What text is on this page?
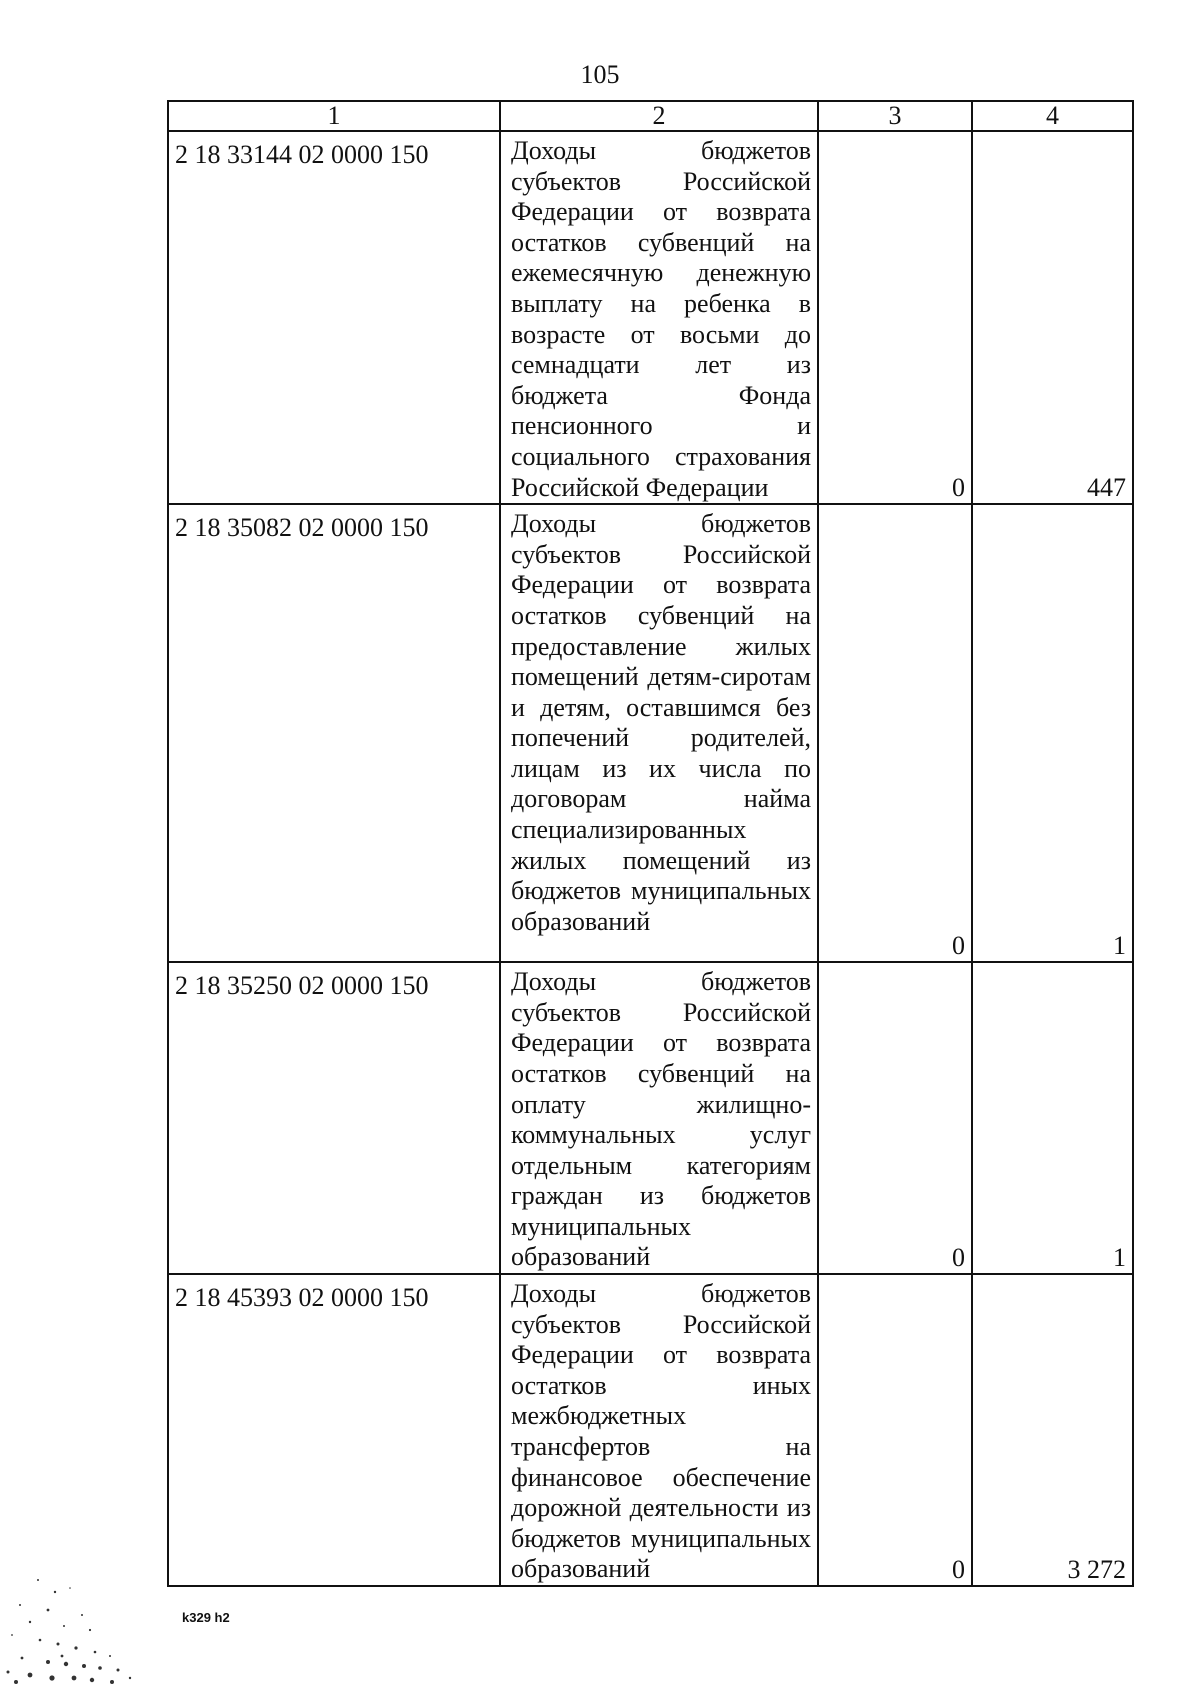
105
1	2	3	4
2 18 33144 02 0000 150	Доходы бюджетов субъектов Российской Федерации от возврата остатков субвенций на ежемесячную денежную выплату на ребенка в возрасте от восьми до семнадцати лет из бюджета Фонда пенсионного и социального страхования Российской Федерации	0	447
2 18 35082 02 0000 150	Доходы бюджетов субъектов Российской Федерации от возврата остатков субвенций на предоставление жилых помещений детям-сиротам и детям, оставшимся без попечений родителей, лицам из их числа по договорам найма специализированных жилых помещений из бюджетов муниципальных образований	0	1
2 18 35250 02 0000 150	Доходы бюджетов субъектов Российской Федерации от возврата остатков субвенций на оплату жилищно-коммунальных услуг отдельным категориям граждан из бюджетов муниципальных образований	0	1
2 18 45393 02 0000 150	Доходы бюджетов субъектов Российской Федерации от возврата остатков иных межбюджетных трансфертов на финансовое обеспечение дорожной деятельности из бюджетов муниципальных образований	0	3 272
k329 h2
